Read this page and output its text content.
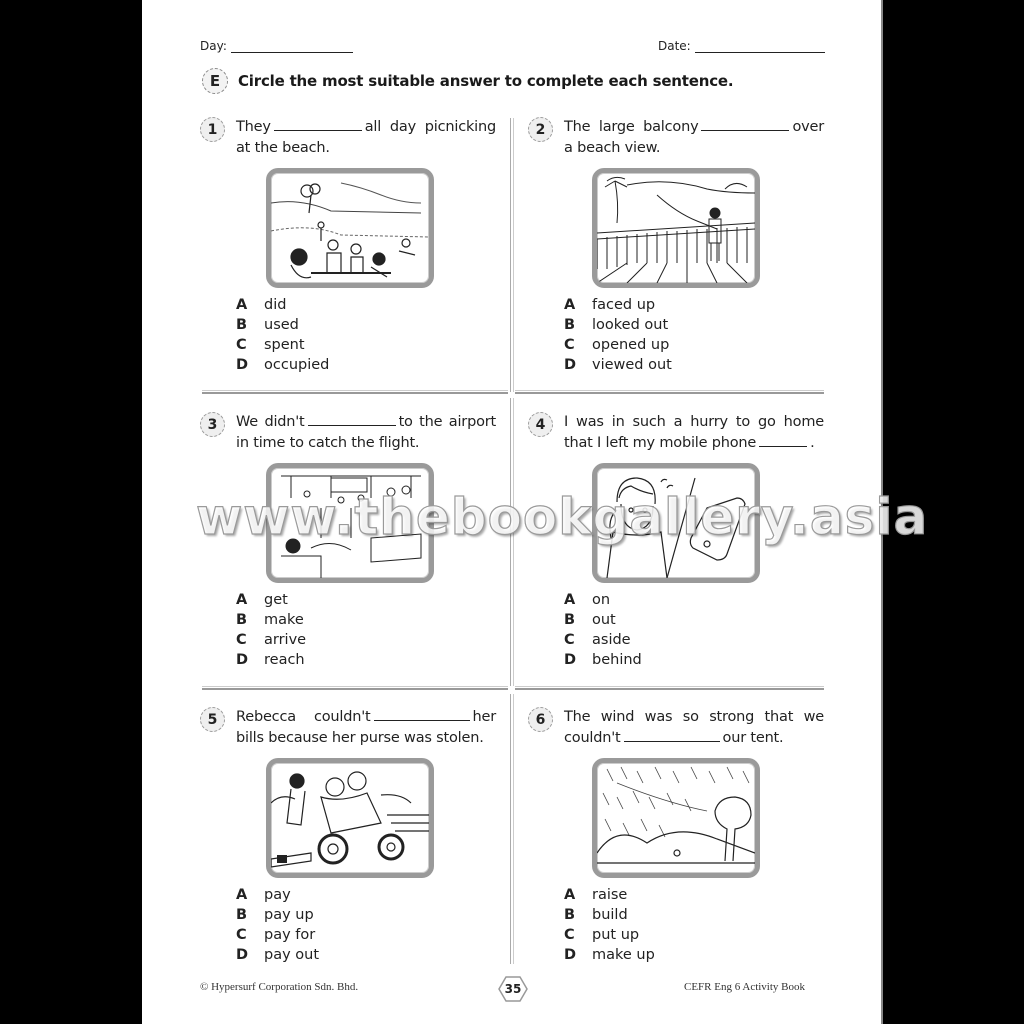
Day:	Date:
E	Circle the most suitable answer to complete each sentence.
1	They	all day picnicking at the beach.
A	did
B	used
C	spent
D	occupied
2	The large balcony	over a beach view.
A	faced up
B	looked out
C	opened up
D	viewed out
3	We didn't	to the airport in time to catch the flight.
A	get
B	make
C	arrive
D	reach
4	I was in such a hurry to go home that I left my mobile phone	.
A	on
B	out
C	aside
D	behind
5	Rebecca couldn't	her bills because her purse was stolen.
A	pay
B	pay up
C	pay for
D	pay out
6	The wind was so strong that we couldn't	our tent.
A	raise
B	build
C	put up
D	make up
© Hypersurf Corporation Sdn. Bhd.	35	CEFR Eng 6 Activity Book
www.thebookgallery.asia
